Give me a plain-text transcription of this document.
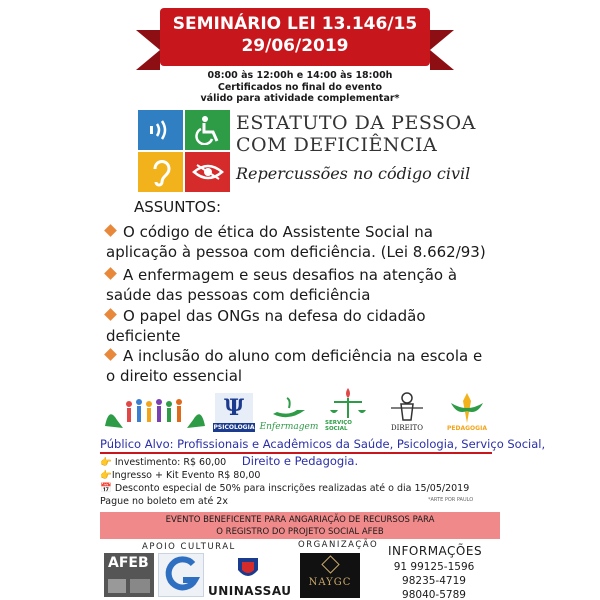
SEMINÁRIO LEI 13.146/15
29/06/2019
08:00 às 12:00h e 14:00 às 18:00h
Certificados no final do evento
válido para atividade complementar*
ESTATUTO DA PESSOA
COM DEFICIÊNCIA
Repercussões no código civil
ASSUNTOS:
O código de ética do Assistente Social na
aplicação à pessoa com deficiência. (Lei 8.662/93)
A enfermagem e seus desafios na atenção à
saúde das pessoas com deficiência
O papel das ONGs na defesa do cidadão
deficiente
A inclusão do aluno com deficiência na escola e
o direito essencial
Ψ
PSICOLOGIA Enfermagem SERVIÇO SOCIAL	DIREITO	PEDAGOGIA
Público Alvo: Profissionais e Acadêmicos da Saúde, Psicologia, Serviço Social,
Direito e Pedagogia.
👉 Investimento: R$ 60,00
👉Ingresso + Kit Evento R$ 80,00
📅 Desconto especial de 50% para inscrições realizadas até o dia 15/05/2019
Pague no boleto em até 2x	*ARTE POR PAULO
EVENTO BENEFICENTE PARA ANGARIAÇÃO DE RECURSOS PARA
O REGISTRO DO PROJETO SOCIAL AFEB
APOIO CULTURAL	ORGANIZAÇÃO
AFEB
UNINASSAU
NAYGC
INFORMAÇÕES
91 99125-1596
98235-4719
98040-5789
